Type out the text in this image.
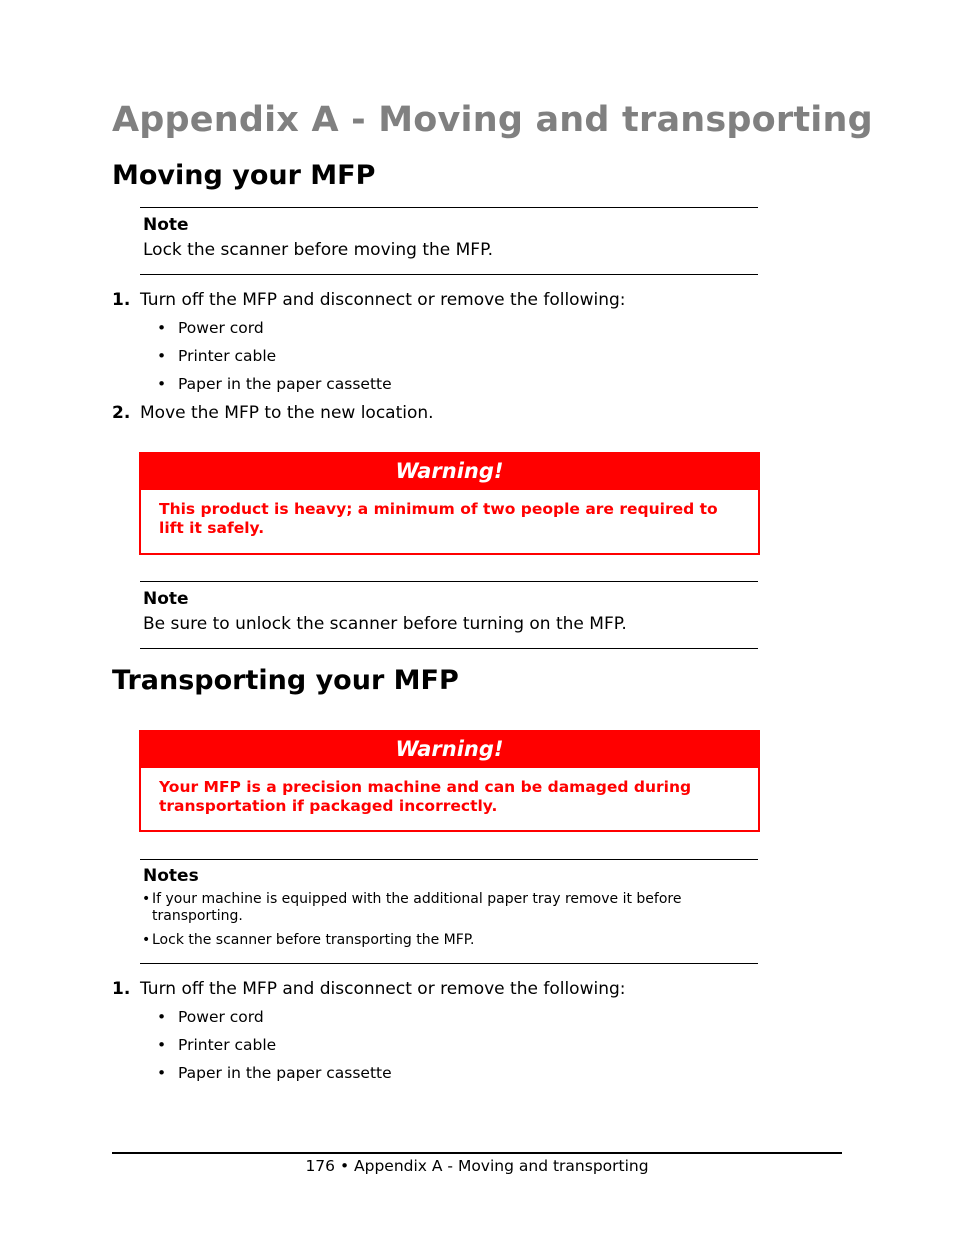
Appendix A - Moving and transporting
Moving your MFP
Note
Lock the scanner before moving the MFP.
1. Turn off the MFP and disconnect or remove the following:
• Power cord
• Printer cable
• Paper in the paper cassette
2. Move the MFP to the new location.
Warning!
This product is heavy; a minimum of two people are required to lift it safely.
Note
Be sure to unlock the scanner before turning on the MFP.
Transporting your MFP
Warning!
Your MFP is a precision machine and can be damaged during transportation if packaged incorrectly.
Notes
• If your machine is equipped with the additional paper tray remove it before transporting.
• Lock the scanner before transporting the MFP.
1. Turn off the MFP and disconnect or remove the following:
• Power cord
• Printer cable
• Paper in the paper cassette
176 • Appendix A - Moving and transporting
